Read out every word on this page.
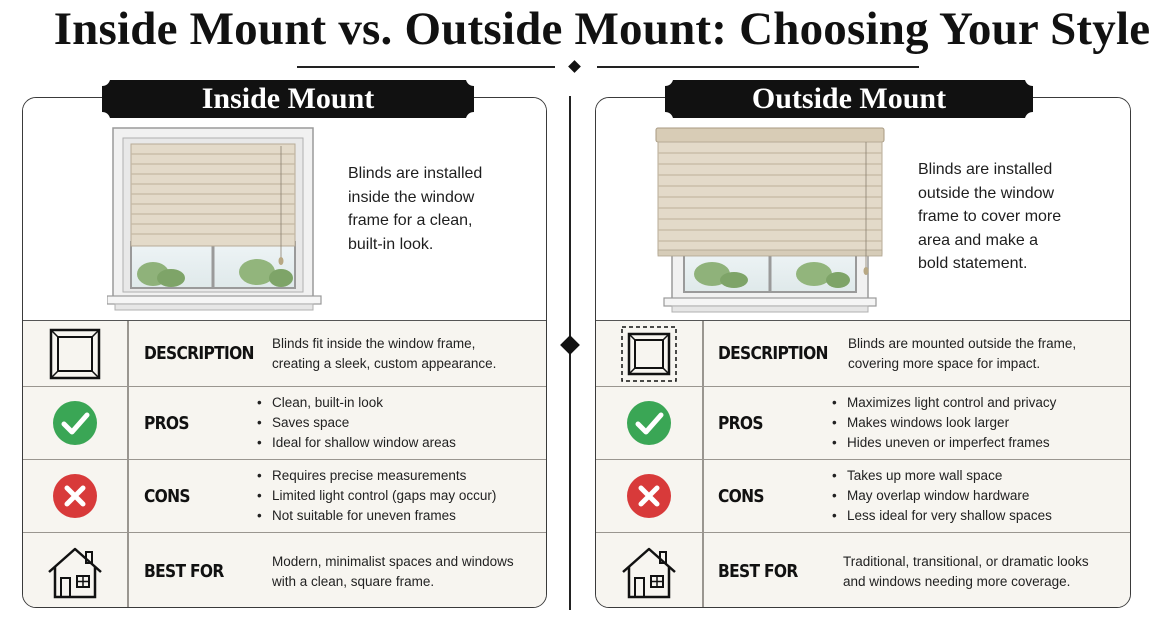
Inside Mount vs. Outside Mount: Choosing Your Style
Blinds are installed
inside the window
frame for a clean,
built-in look.
DESCRIPTION Blinds fit inside the window frame,
creating a sleek, custom appearance.
PROS
• Clean, built-in look
• Saves space
• Ideal for shallow window areas
CONS
• Requires precise measurements
• Limited light control (gaps may occur)
• Not suitable for uneven frames
BEST FOR	Modern, minimalist spaces and windows
with a clean, square frame.
Inside Mount
Blinds are installed
outside the window
frame to cover more
area and make a
bold statement.
DESCRIPTION Blinds are mounted outside the frame,
covering more space for impact.
PROS
• Maximizes light control and privacy
• Makes windows look larger
• Hides uneven or imperfect frames
CONS
• Takes up more wall space
• May overlap window hardware
• Less ideal for very shallow spaces
BEST FOR	Traditional, transitional, or dramatic looks
and windows needing more coverage.
Outside Mount
